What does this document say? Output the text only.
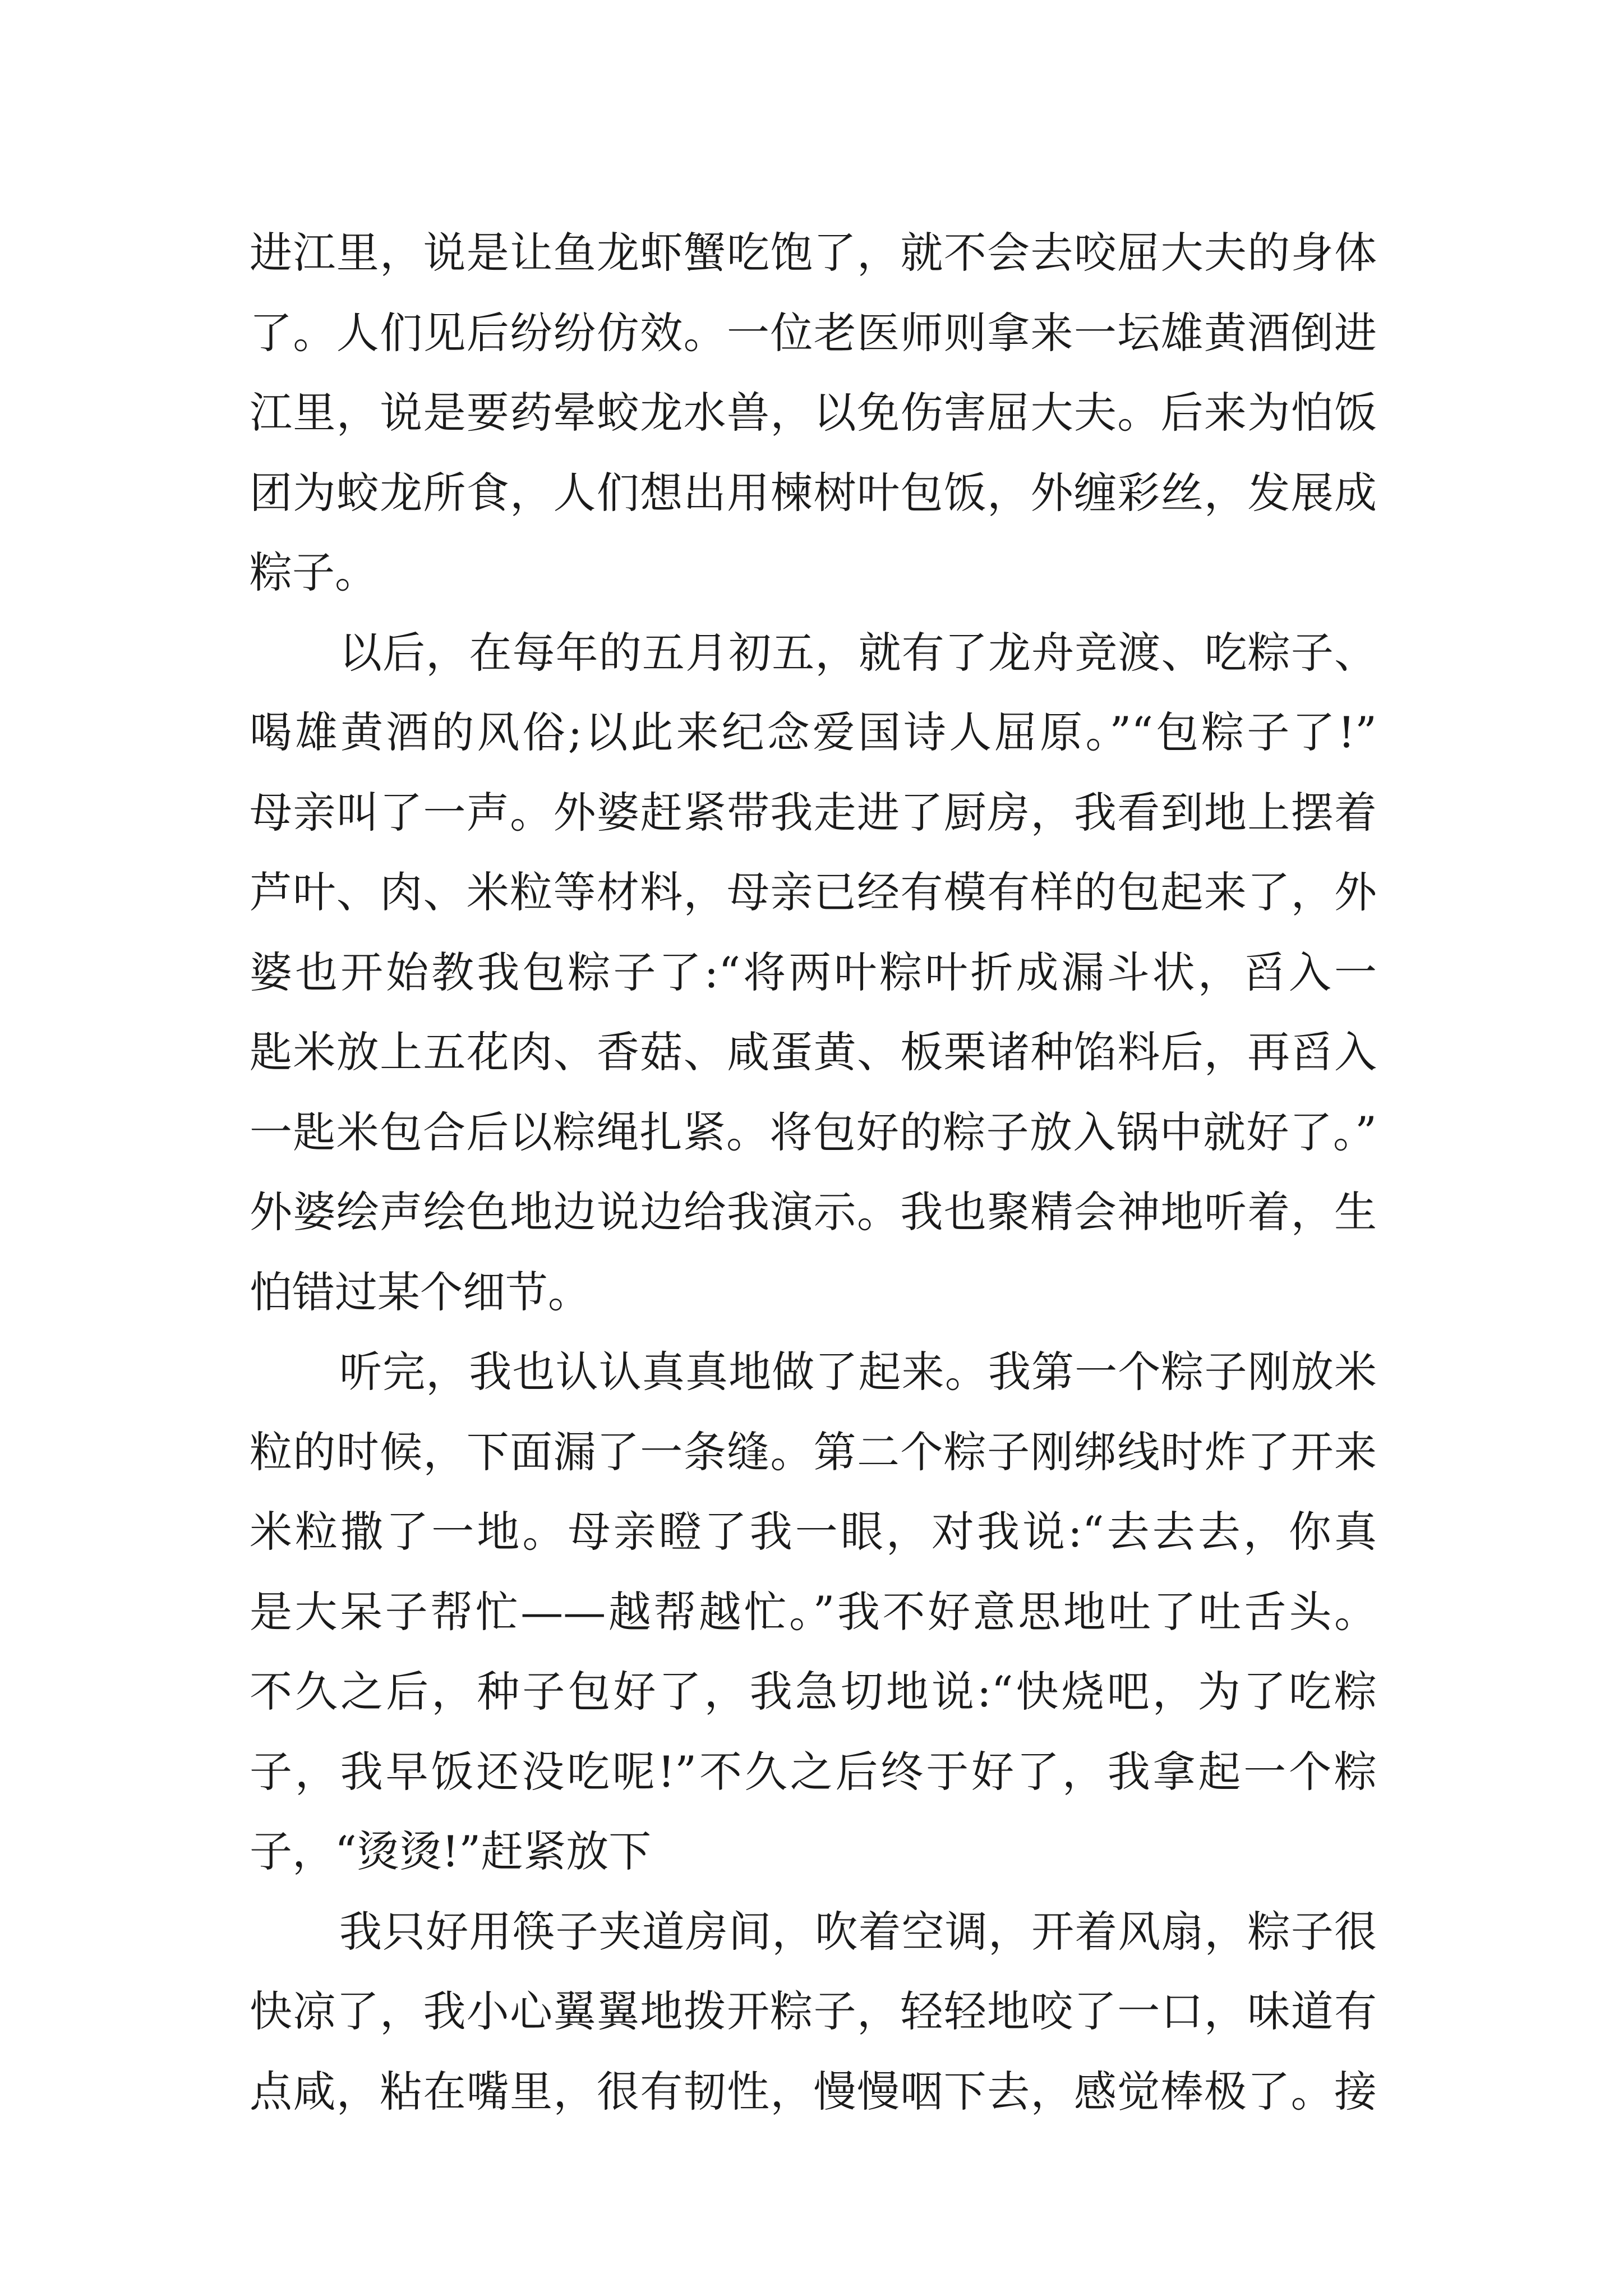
进江里，说是让鱼龙虾蟹吃饱了，就不会去咬屈大夫的身体
了。人们见后纷纷仿效。一位老医师则拿来一坛雄黄酒倒进
江里，说是要药晕蛟龙水兽，以免伤害屈大夫。后来为怕饭
团为蛟龙所食，人们想出用楝树叶包饭，外缠彩丝，发展成
粽子。
以后，在每年的五月初五，就有了龙舟竞渡、吃粽子、
喝雄黄酒的风俗;以此来纪念爱国诗人屈原。”“包粽子了!”
母亲叫了一声。外婆赶紧带我走进了厨房，我看到地上摆着
芦叶、肉、米粒等材料，母亲已经有模有样的包起来了，外
婆也开始教我包粽子了:“将两叶粽叶折成漏斗状，舀入一
匙米放上五花肉、香菇、咸蛋黄、板栗诸种馅料后，再舀入
一匙米包合后以粽绳扎紧。将包好的粽子放入锅中就好了。”
外婆绘声绘色地边说边给我演示。我也聚精会神地听着，生
怕错过某个细节。
听完，我也认认真真地做了起来。我第一个粽子刚放米
粒的时候，下面漏了一条缝。第二个粽子刚绑线时炸了开来
米粒撒了一地。母亲瞪了我一眼，对我说:“去去去，你真
是大呆子帮忙——越帮越忙。”我不好意思地吐了吐舌头。
不久之后，种子包好了，我急切地说:“快烧吧，为了吃粽
子，我早饭还没吃呢!”不久之后终于好了，我拿起一个粽
子，“烫烫!”赶紧放下
我只好用筷子夹道房间，吹着空调，开着风扇，粽子很
快凉了，我小心翼翼地拨开粽子，轻轻地咬了一口，味道有
点咸，粘在嘴里，很有韧性，慢慢咽下去，感觉棒极了。接
